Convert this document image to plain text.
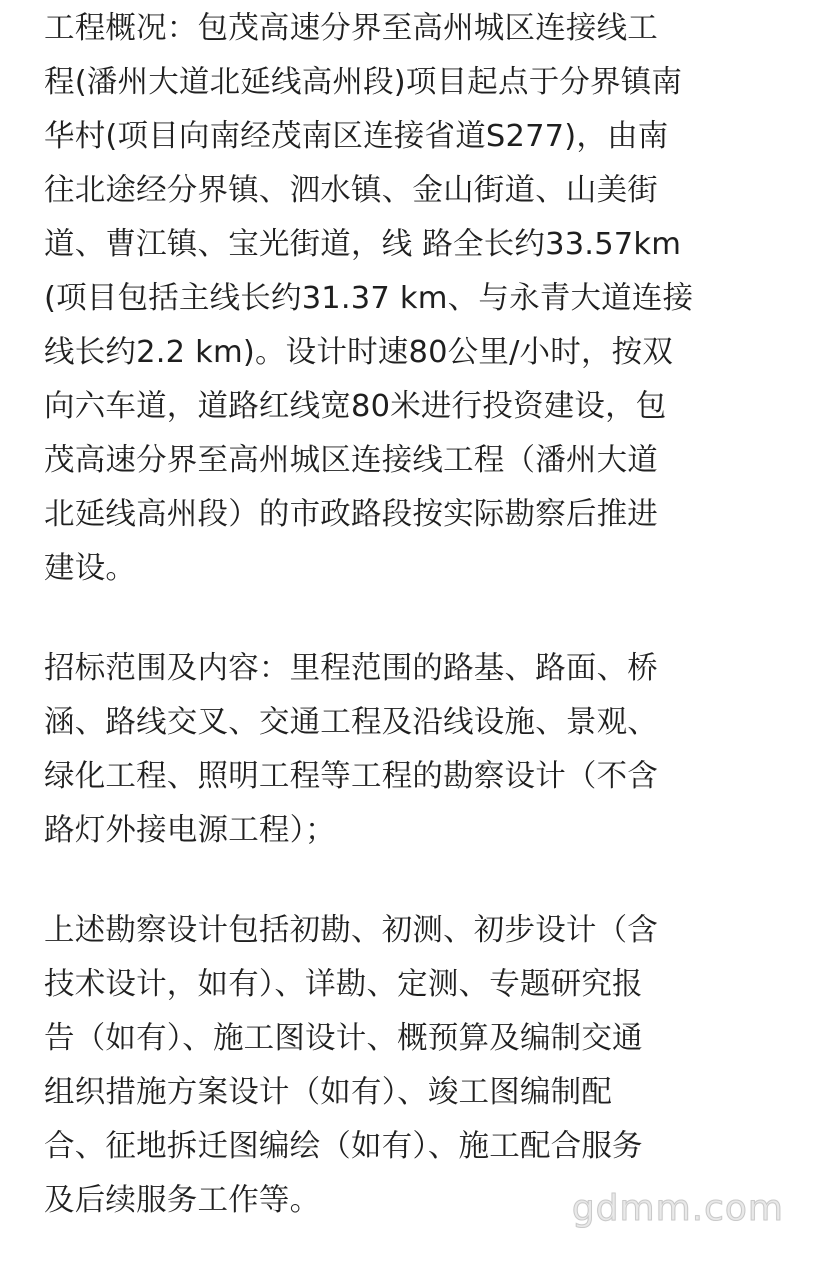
工程概况：包茂高速分界至高州城区连接线工
程(潘州大道北延线高州段)项目起点于分界镇南
华村(项目向南经茂南区连接省道S277)，由南
往北途经分界镇、泗水镇、金山街道、山美街
道、曹江镇、宝光街道，线 路全长约33.57km
(项目包括主线长约31.37 km、与永青大道连接
线长约2.2 km)。设计时速80公里/小时，按双
向六车道，道路红线宽80米进行投资建设，包
茂高速分界至高州城区连接线工程（潘州大道
北延线高州段）的市政路段按实际勘察后推进
建设。
招标范围及内容：里程范围的路基、路面、桥
涵、路线交叉、交通工程及沿线设施、景观、
绿化工程、照明工程等工程的勘察设计（不含
路灯外接电源工程）；
上述勘察设计包括初勘、初测、初步设计（含
技术设计，如有）、详勘、定测、专题研究报
告（如有）、施工图设计、概预算及编制交通
组织措施方案设计（如有）、竣工图编制配
合、征地拆迁图编绘（如有）、施工配合服务
及后续服务工作等。	gdmm.com
